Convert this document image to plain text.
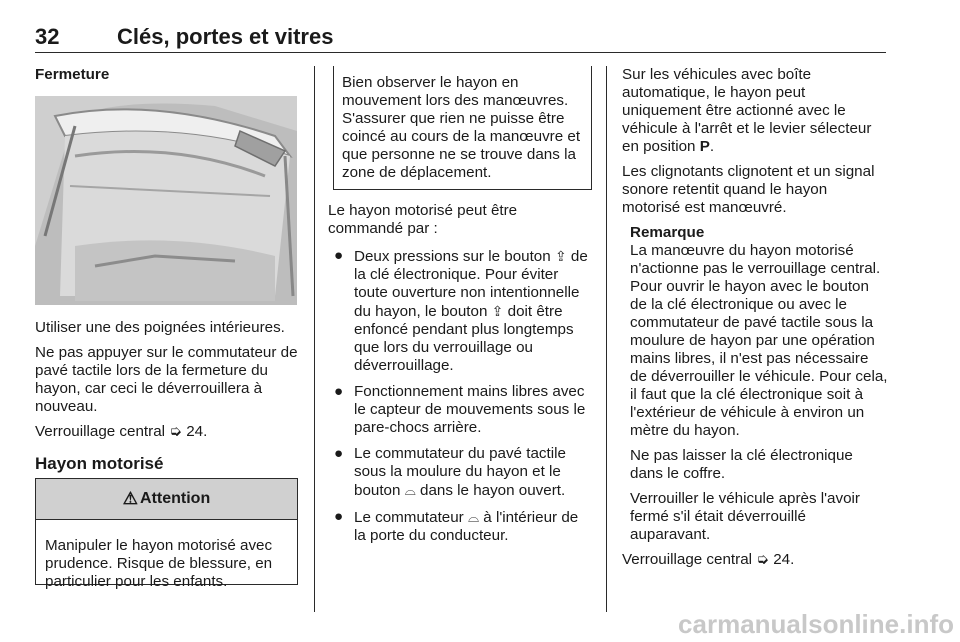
32	Clés, portes et vitres
Fermeture

Utiliser une des poignées intérieures.

Ne pas appuyer sur le commutateur de pavé tactile lors de la fermeture du hayon, car ceci le déverrouillera à nouveau.

Verrouillage central ➭ 24.

Hayon motorisé
⚠ Attention
Manipuler le hayon motorisé avec prudence. Risque de blessure, en particulier pour les enfants.
Bien observer le hayon en mouvement lors des manœuvres. S'assurer que rien ne puisse être coincé au cours de la manœuvre et que personne ne se trouve dans la zone de déplacement.

Le hayon motorisé peut être commandé par :

● Deux pressions sur le bouton ⇪ de la clé électronique. Pour éviter toute ouverture non intentionnelle du hayon, le bouton ⇪ doit être enfoncé pendant plus longtemps que lors du verrouillage ou déverrouillage.
● Fonctionnement mains libres avec le capteur de mouvements sous le pare-chocs arrière.
● Le commutateur du pavé tactile sous la moulure du hayon et le bouton ⌓ dans le hayon ouvert.
● Le commutateur ⌓ à l'intérieur de la porte du conducteur.

Sur les véhicules avec boîte automatique, le hayon peut uniquement être actionné avec le véhicule à l'arrêt et le levier sélecteur en position P.

Les clignotants clignotent et un signal sonore retentit quand le hayon motorisé est manœuvré.

Remarque

La manœuvre du hayon motorisé n'actionne pas le verrouillage central. Pour ouvrir le hayon avec le bouton de la clé électronique ou avec le commutateur de pavé tactile sous la moulure de hayon par une opération mains libres, il n'est pas nécessaire de déverrouiller le véhicule. Pour cela, il faut que la clé électronique soit à l'extérieur de véhicule à environ un mètre du hayon.

Ne pas laisser la clé électronique dans le coffre.

Verrouiller le véhicule après l'avoir fermé s'il était déverrouillé auparavant.

Verrouillage central ➭ 24.

carmanualsonline.info
